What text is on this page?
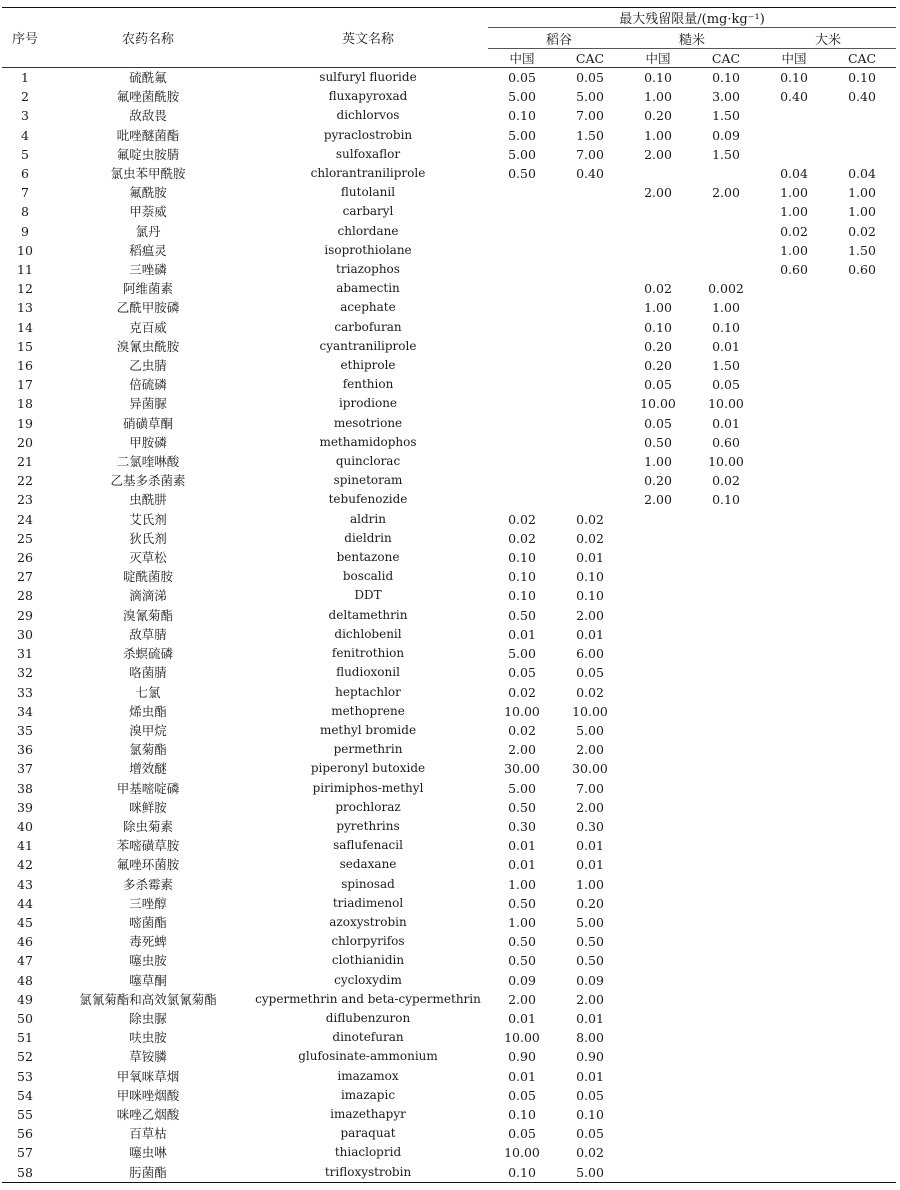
序号	农药名称	英文名称	最大残留限量/(mg·kg⁻¹)					
			稻谷		糙米		大米	
			中国	CAC	中国	CAC	中国	CAC
1	硫酰氟	sulfuryl fluoride	0.05	0.05	0.10	0.10	0.10	0.10
2	氟唑菌酰胺	fluxapyroxad	5.00	5.00	1.00	3.00	0.40	0.40
3	敌敌畏	dichlorvos	0.10	7.00	0.20	1.50		
4	吡唑醚菌酯	pyraclostrobin	5.00	1.50	1.00	0.09		
5	氟啶虫胺腈	sulfoxaflor	5.00	7.00	2.00	1.50		
6	氯虫苯甲酰胺	chlorantraniliprole	0.50	0.40			0.04	0.04
7	氟酰胺	flutolanil			2.00	2.00	1.00	1.00
8	甲萘威	carbaryl					1.00	1.00
9	氯丹	chlordane					0.02	0.02
10	稻瘟灵	isoprothiolane					1.00	1.50
11	三唑磷	triazophos					0.60	0.60
12	阿维菌素	abamectin			0.02	0.002		
13	乙酰甲胺磷	acephate			1.00	1.00		
14	克百威	carbofuran			0.10	0.10		
15	溴氰虫酰胺	cyantraniliprole			0.20	0.01		
16	乙虫腈	ethiprole			0.20	1.50		
17	倍硫磷	fenthion			0.05	0.05		
18	异菌脲	iprodione			10.00	10.00		
19	硝磺草酮	mesotrione			0.05	0.01		
20	甲胺磷	methamidophos			0.50	0.60		
21	二氯喹啉酸	quinclorac			1.00	10.00		
22	乙基多杀菌素	spinetoram			0.20	0.02		
23	虫酰肼	tebufenozide			2.00	0.10		
24	艾氏剂	aldrin	0.02	0.02				
25	狄氏剂	dieldrin	0.02	0.02				
26	灭草松	bentazone	0.10	0.01				
27	啶酰菌胺	boscalid	0.10	0.10				
28	滴滴涕	DDT	0.10	0.10				
29	溴氰菊酯	deltamethrin	0.50	2.00				
30	敌草腈	dichlobenil	0.01	0.01				
31	杀螟硫磷	fenitrothion	5.00	6.00				
32	咯菌腈	fludioxonil	0.05	0.05				
33	七氯	heptachlor	0.02	0.02				
34	烯虫酯	methoprene	10.00	10.00				
35	溴甲烷	methyl bromide	0.02	5.00				
36	氯菊酯	permethrin	2.00	2.00				
37	增效醚	piperonyl butoxide	30.00	30.00				
38	甲基嘧啶磷	pirimiphos-methyl	5.00	7.00				
39	咪鲜胺	prochloraz	0.50	2.00				
40	除虫菊素	pyrethrins	0.30	0.30				
41	苯嘧磺草胺	saflufenacil	0.01	0.01				
42	氟唑环菌胺	sedaxane	0.01	0.01				
43	多杀霉素	spinosad	1.00	1.00				
44	三唑醇	triadimenol	0.50	0.20				
45	嘧菌酯	azoxystrobin	1.00	5.00				
46	毒死蜱	chlorpyrifos	0.50	0.50				
47	噻虫胺	clothianidin	0.50	0.50				
48	噻草酮	cycloxydim	0.09	0.09				
49	氯氰菊酯和高效氯氰菊酯	cypermethrin and beta-cypermethrin	2.00	2.00				
50	除虫脲	diflubenzuron	0.01	0.01				
51	呋虫胺	dinotefuran	10.00	8.00				
52	草铵膦	glufosinate-ammonium	0.90	0.90				
53	甲氧咪草烟	imazamox	0.01	0.01				
54	甲咪唑烟酸	imazapic	0.05	0.05				
55	咪唑乙烟酸	imazethapyr	0.10	0.10				
56	百草枯	paraquat	0.05	0.05				
57	噻虫啉	thiacloprid	10.00	0.02				
58	肟菌酯	trifloxystrobin	0.10	5.00				
